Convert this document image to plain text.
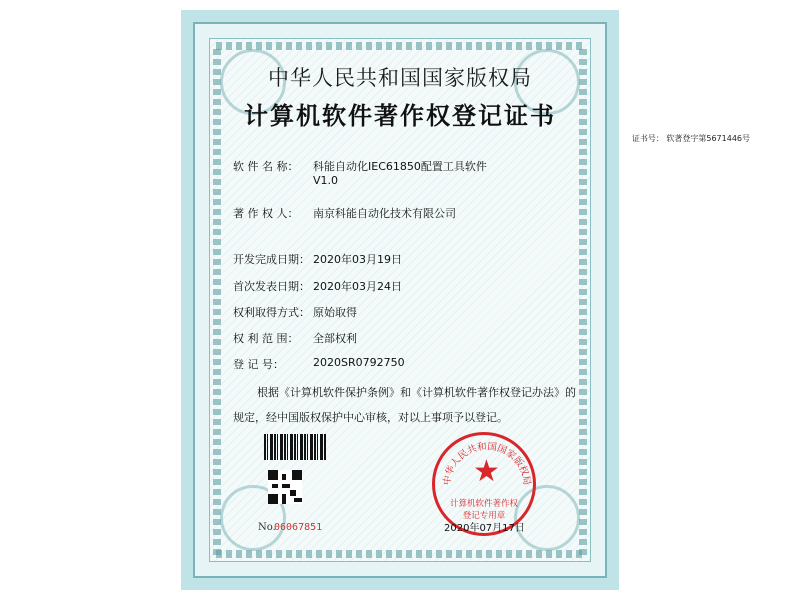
中华人民共和国国家版权局
计算机软件著作权登记证书
证书号： 软著登字第5671446号
软 件 名 称：	科能自动化IEC61850配置工具软件
V1.0
著 作 权 人：	南京科能自动化技术有限公司
开发完成日期： 2020年03月19日
首次发表日期： 2020年03月24日
权利取得方式： 原始取得
权 利 范 围：	全部权利
登 记 号：	2020SR0792750
根据《计算机软件保护条例》和《计算机软件著作权登记办法》的
规定，经中国版权保护中心审核，对以上事项予以登记。
No.
06067851
中华人民共和国国家版权局
★
计算机软件著作权
登记专用章
2020年07月17日
